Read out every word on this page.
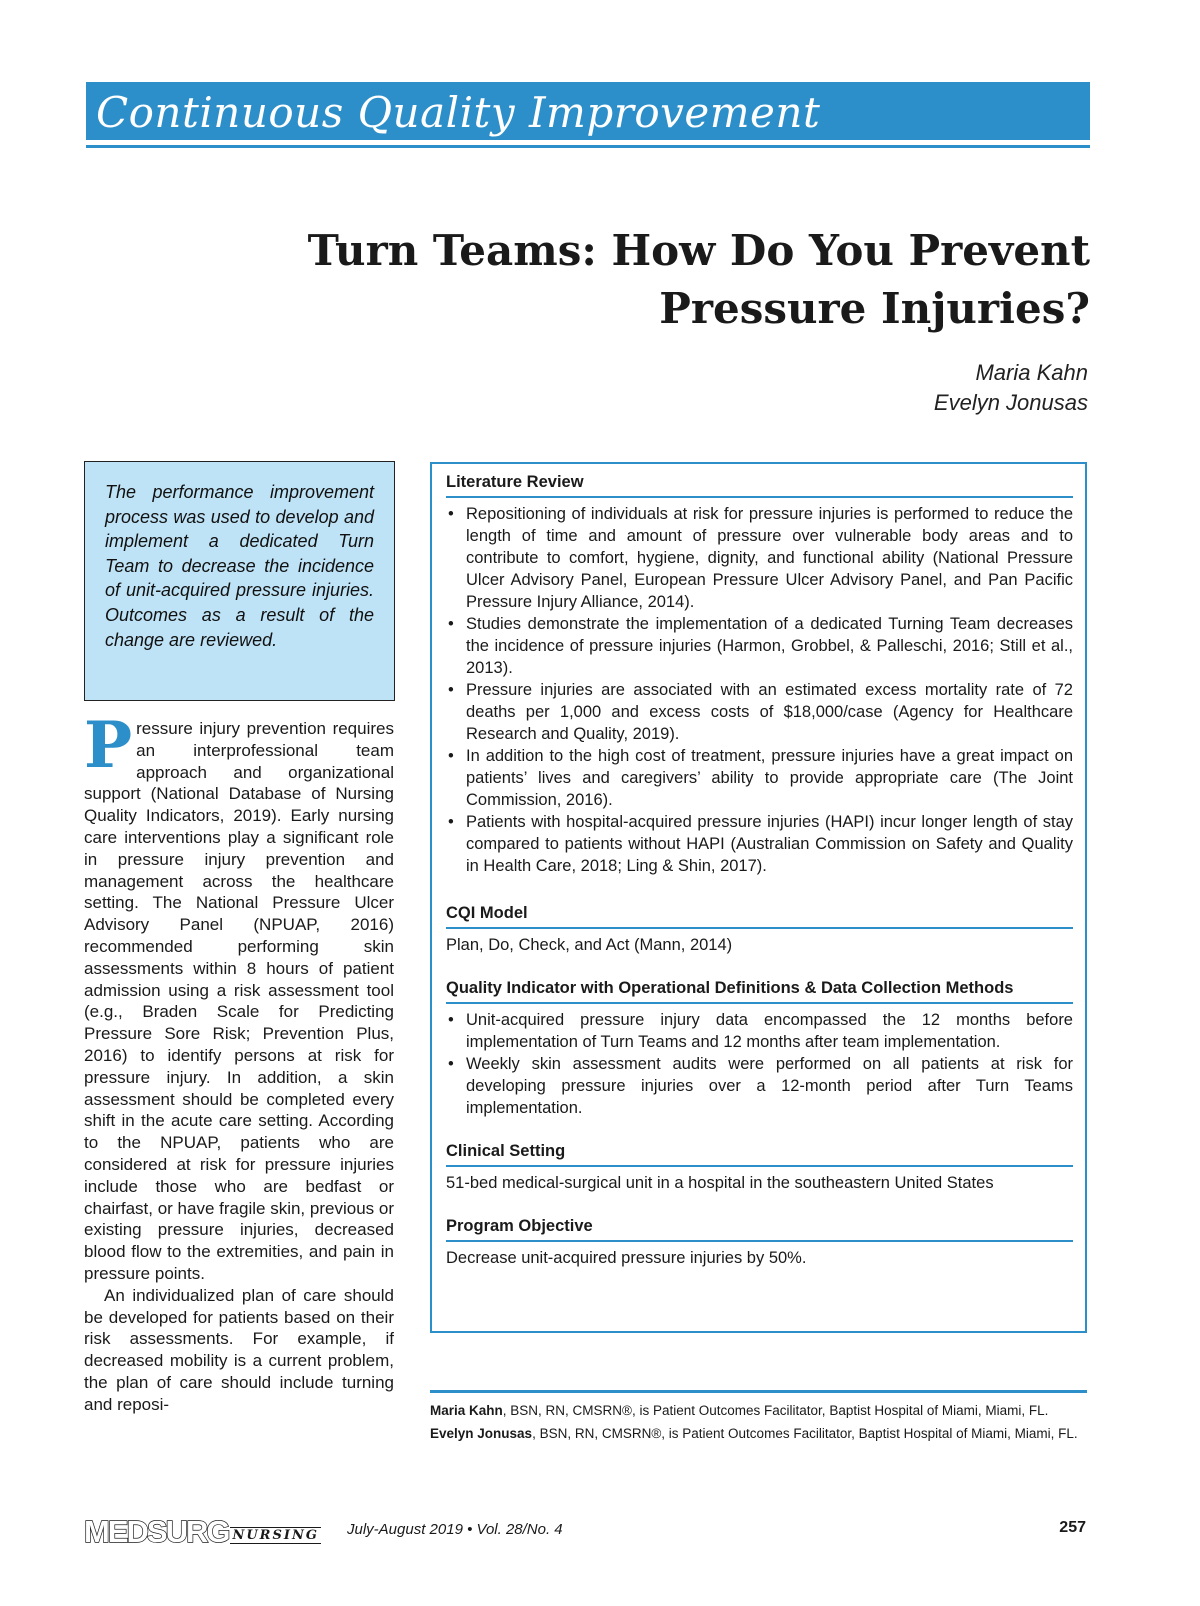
Continuous Quality Improvement
Turn Teams: How Do You Prevent
Pressure Injuries?
Maria Kahn
Evelyn Jonusas
The performance improvement process was used to develop and implement a dedicated Turn Team to decrease the incidence of unit-acquired pressure injuries. Outcomes as a result of the change are reviewed.

Pressure injury prevention requires an interprofessional team approach and organizational support (National Database of Nursing Quality Indicators, 2019). Early nursing care interventions play a significant role in pressure injury prevention and management across the healthcare setting. The National Pressure Ulcer Advisory Panel (NPUAP, 2016) recommended performing skin assessments within 8 hours of patient admission using a risk assessment tool (e.g., Braden Scale for Predicting Pressure Sore Risk; Prevention Plus, 2016) to identify persons at risk for pressure injury. In addition, a skin assessment should be completed every shift in the acute care setting. According to the NPUAP, patients who are considered at risk for pressure injuries include those who are bedfast or chairfast, or have fragile skin, previous or existing pressure injuries, decreased blood flow to the extremities, and pain in pressure points.

An individualized plan of care should be developed for patients based on their risk assessments. For example, if decreased mobility is a current problem, the plan of care should include turning and reposi-

Literature Review
• Repositioning of individuals at risk for pressure injuries is performed to reduce the length of time and amount of pressure over vulnerable body areas and to contribute to comfort, hygiene, dignity, and functional ability (National Pressure Ulcer Advisory Panel, European Pressure Ulcer Advisory Panel, and Pan Pacific Pressure Injury Alliance, 2014).
• Studies demonstrate the implementation of a dedicated Turning Team decreases the incidence of pressure injuries (Harmon, Grobbel, & Palleschi, 2016; Still et al., 2013).
• Pressure injuries are associated with an estimated excess mortality rate of 72 deaths per 1,000 and excess costs of $18,000/case (Agency for Healthcare Research and Quality, 2019).
• In addition to the high cost of treatment, pressure injuries have a great impact on patients’ lives and caregivers’ ability to provide appropriate care (The Joint Commission, 2016).
• Patients with hospital-acquired pressure injuries (HAPI) incur longer length of stay compared to patients without HAPI (Australian Commission on Safety and Quality in Health Care, 2018; Ling & Shin, 2017).
CQI Model
Plan, Do, Check, and Act (Mann, 2014)
Quality Indicator with Operational Definitions & Data Collection Methods
• Unit-acquired pressure injury data encompassed the 12 months before implementation of Turn Teams and 12 months after team implementation.
• Weekly skin assessment audits were performed on all patients at risk for developing pressure injuries over a 12-month period after Turn Teams implementation.
Clinical Setting
51-bed medical-surgical unit in a hospital in the southeastern United States
Program Objective
Decrease unit-acquired pressure injuries by 50%.

Maria Kahn, BSN, RN, CMSRN®, is Patient Outcomes Facilitator, Baptist Hospital of Miami, Miami, FL.

Evelyn Jonusas, BSN, RN, CMSRN®, is Patient Outcomes Facilitator, Baptist Hospital of Miami, Miami, FL.

MEDSURG NURSING July-August 2019 • Vol. 28/No. 4	257
